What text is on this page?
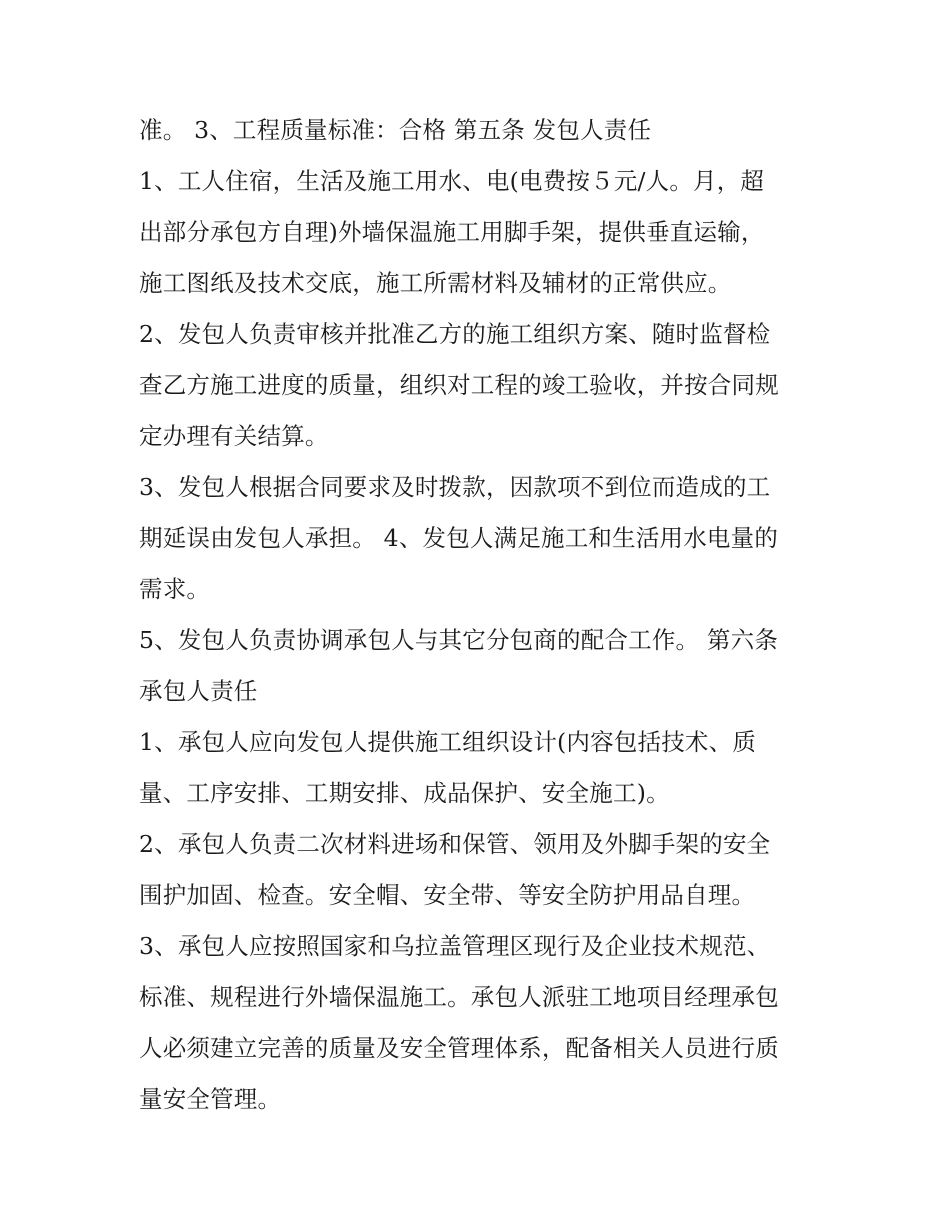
准。 3、工程质量标准：合格 第五条 发包人责任
1、工人住宿，生活及施工用水、电(电费按５元/人。月，超
出部分承包方自理)外墙保温施工用脚手架，提供垂直运输，
施工图纸及技术交底，施工所需材料及辅材的正常供应。
2、发包人负责审核并批准乙方的施工组织方案、随时监督检
查乙方施工进度的质量，组织对工程的竣工验收，并按合同规
定办理有关结算。
3、发包人根据合同要求及时拨款，因款项不到位而造成的工
期延误由发包人承担。 4、发包人满足施工和生活用水电量的
需求。
5、发包人负责协调承包人与其它分包商的配合工作。 第六条
承包人责任
1、承包人应向发包人提供施工组织设计(内容包括技术、质
量、工序安排、工期安排、成品保护、安全施工)。
2、承包人负责二次材料进场和保管、领用及外脚手架的安全
围护加固、检查。安全帽、安全带、等安全防护用品自理。
3、承包人应按照国家和乌拉盖管理区现行及企业技术规范、
标准、规程进行外墙保温施工。承包人派驻工地项目经理承包
人必须建立完善的质量及安全管理体系，配备相关人员进行质
量安全管理。
